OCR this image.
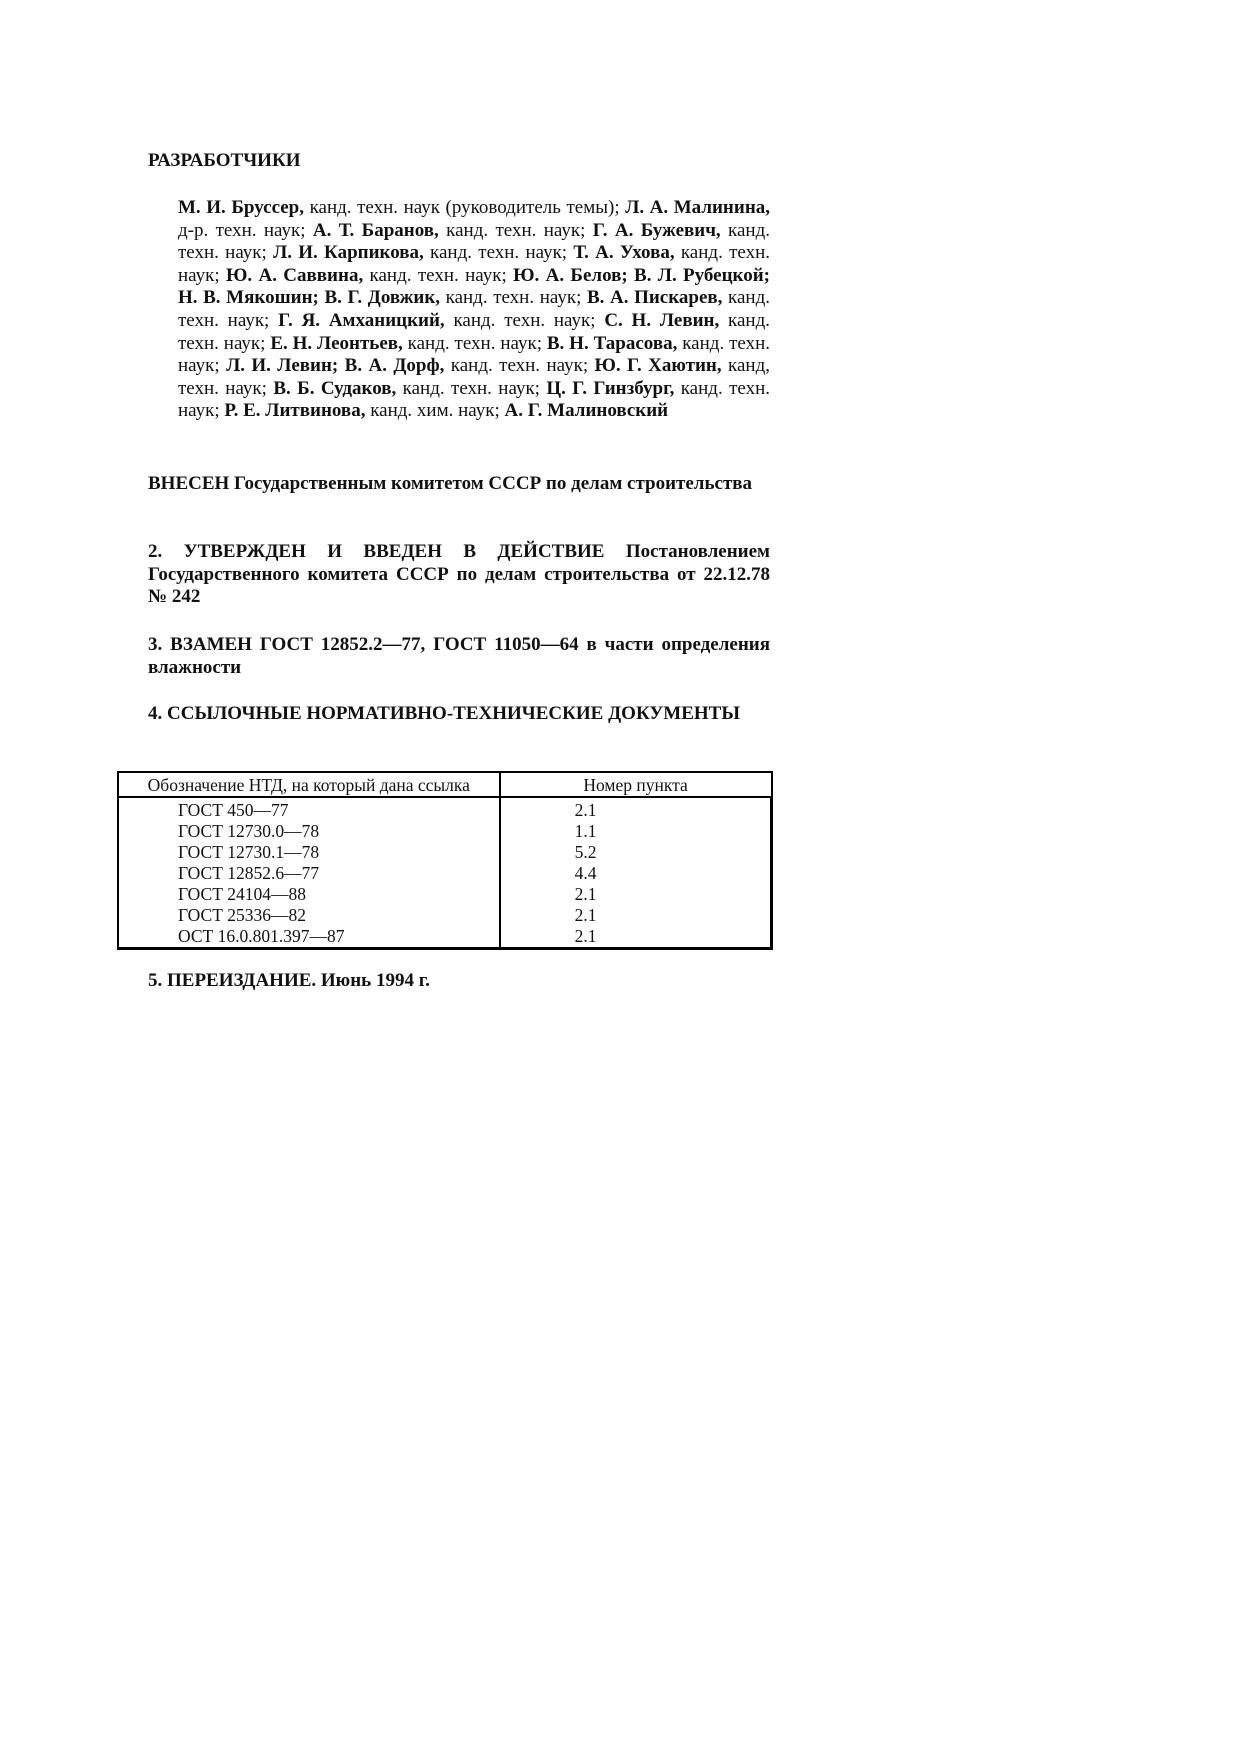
РАЗРАБОТЧИКИ
М. И. Бруссер, канд. техн. наук (руководитель темы); Л. А. Малинина, д-р. техн. наук; А. Т. Баранов, канд. техн. наук; Г. А. Бужевич, канд. техн. наук; Л. И. Карпикова, канд. техн. наук; Т. А. Ухова, канд. техн. наук; Ю. А. Саввина, канд. техн. наук; Ю. А. Белов; В. Л. Рубецкой; Н. В. Мякошин; В. Г. Довжик, канд. техн. наук; В. А. Пискарев, канд. техн. наук; Г. Я. Амханицкий, канд. техн. наук; С. Н. Левин, канд. техн. наук; Е. Н. Леонтьев, канд. техн. наук; В. Н. Тарасова, канд. техн. наук; Л. И. Левин; В. А. Дорф, канд. техн. наук; Ю. Г. Хаютин, канд, техн. наук; В. Б. Судаков, канд. техн. наук; Ц. Г. Гинзбург, канд. техн. наук; Р. Е. Литвинова, канд. хим. наук; А. Г. Малиновский
ВНЕСЕН Государственным комитетом СССР по делам строительства
2. УТВЕРЖДЕН И ВВЕДЕН В ДЕЙСТВИЕ Постановлением Государственного комитета СССР по делам строительства от 22.12.78 № 242
3. ВЗАМЕН ГОСТ 12852.2—77, ГОСТ 11050—64 в части определения влажности
4. ССЫЛОЧНЫЕ НОРМАТИВНО-ТЕХНИЧЕСКИЕ ДОКУМЕНТЫ
Обозначение НТД, на который дана ссылка	Номер пункта
ГОСТ 450—77	2.1
ГОСТ 12730.0—78	1.1
ГОСТ 12730.1—78	5.2
ГОСТ 12852.6—77	4.4
ГОСТ 24104—88	2.1
ГОСТ 25336—82	2.1
ОСТ 16.0.801.397—87	2.1
5. ПЕРЕИЗДАНИЕ. Июнь 1994 г.
